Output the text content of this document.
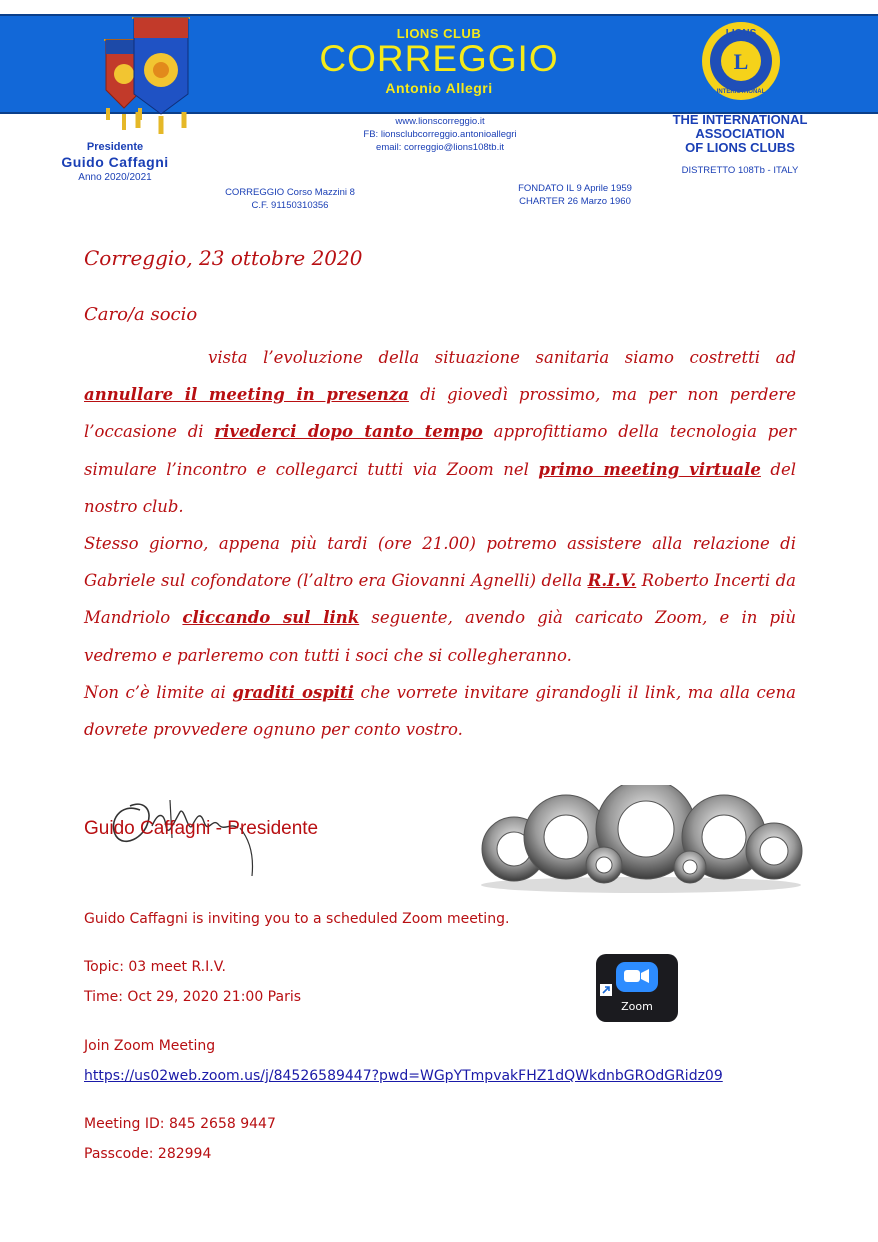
LIONS CLUB
CORREGGIO
Antonio Allegri
L
LIONS
INTERNATIONAL
Presidente
Guido Caffagni
Anno 2020/2021
www.lionscorreggio.it
FB: lionsclubcorreggio.antonioallegri
email: correggio@lions108tb.it
THE INTERNATIONAL
ASSOCIATION
OF LIONS CLUBS
DISTRETTO 108Tb - ITALY
CORREGGIO Corso Mazzini 8
C.F. 91150310356
FONDATO IL 9 Aprile 1959
CHARTER 26 Marzo 1960
Correggio, 23 ottobre 2020
Caro/a socio

vista l’evoluzione della situazione sanitaria siamo costretti ad annullare il meeting in presenza di giovedì prossimo, ma per non perdere l’occasione di rivederci dopo tanto tempo approfittiamo della tecnologia per simulare l’incontro e collegarci tutti via Zoom nel primo meeting virtuale del nostro club.

Stesso giorno, appena più tardi (ore 21.00) potremo assistere alla relazione di Gabriele sul cofondatore (l’altro era Giovanni Agnelli) della R.I.V. Roberto Incerti da Mandriolo cliccando sul link seguente, avendo già caricato Zoom, e in più vedremo e parleremo con tutti i soci che si collegheranno.

Non c’è limite ai graditi ospiti che vorrete invitare girandogli il link, ma alla cena dovrete provvedere ognuno per conto vostro.

Guido Caffagni - Presidente
Guido Caffagni is inviting you to a scheduled Zoom meeting.
Topic: 03 meet R.I.V.
Time: Oct 29, 2020 21:00 Paris
Join Zoom Meeting
https://us02web.zoom.us/j/84526589447?pwd=WGpYTmpvakFHZ1dQWkdnbGROdGRidz09
Meeting ID: 845 2658 9447
Passcode: 282994
Zoom
